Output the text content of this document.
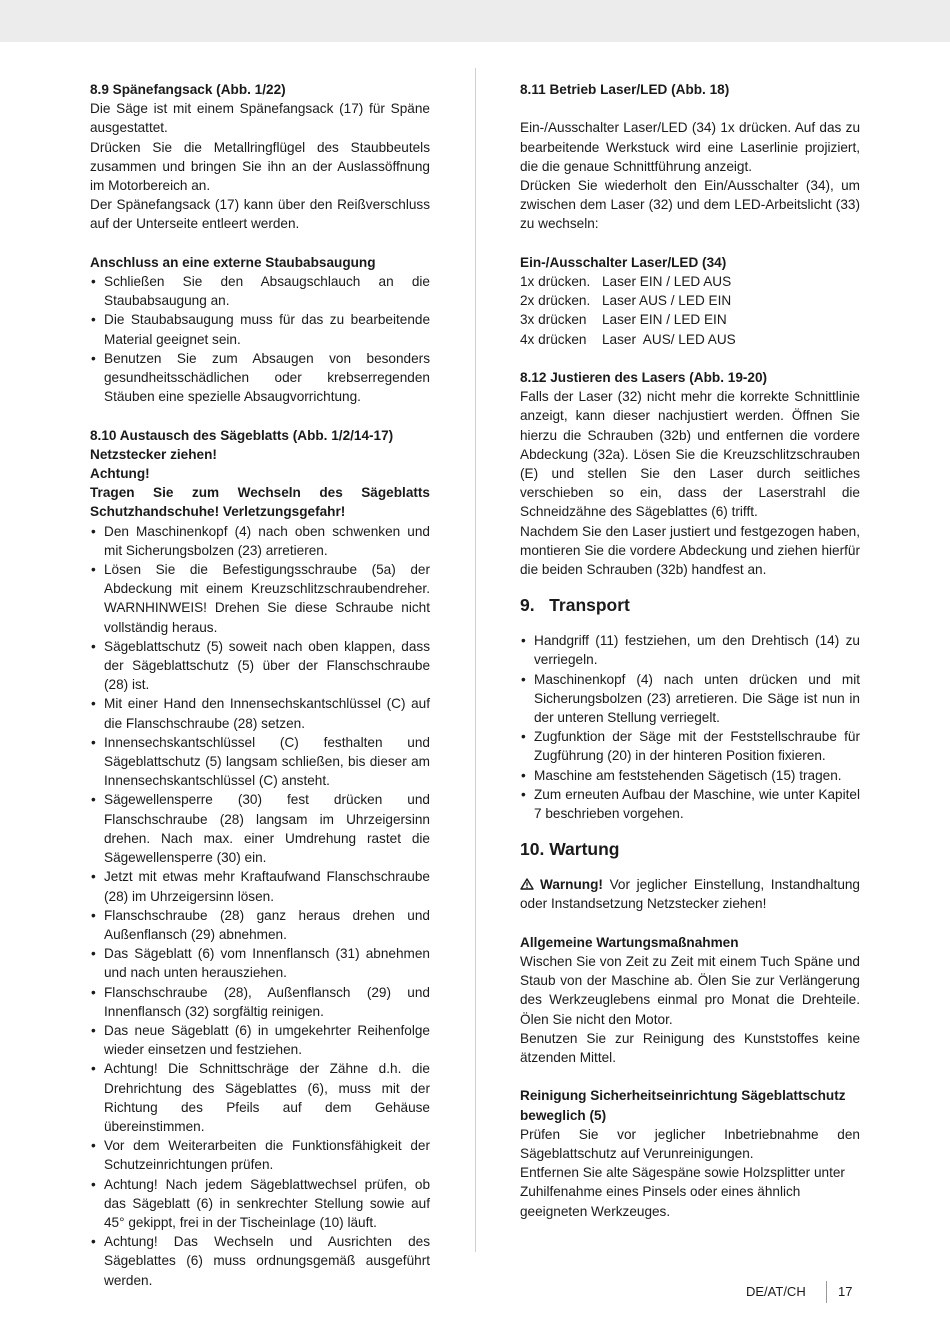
8.9 Spänefangsack (Abb. 1/22)

Die Säge ist mit einem Spänefangsack (17) für Späne ausgestattet.

Drücken Sie die Metallringflügel des Staubbeutels zusammen und bringen Sie ihn an der Auslassöffnung im Motorbereich an.

Der Spänefangsack (17) kann über den Reißverschluss auf der Unterseite entleert werden.

Anschluss an eine externe Staubabsaugung

• Schließen Sie den Absaugschlauch an die Staubabsaugung an.
• Die Staubabsaugung muss für das zu bearbeitende Material geeignet sein.
• Benutzen Sie zum Absaugen von besonders gesundheitsschädlichen oder krebserregenden Stäuben eine spezielle Absaugvorrichtung.

8.10 Austausch des Sägeblatts (Abb. 1/2/14-17)

Netzstecker ziehen!

Achtung!

Tragen Sie zum Wechseln des Sägeblatts Schutzhandschuhe! Verletzungsgefahr!

• Den Maschinenkopf (4) nach oben schwenken und mit Sicherungsbolzen (23) arretieren.
• Lösen Sie die Befestigungsschraube (5a) der Abdeckung mit einem Kreuzschlitzschraubendreher. WARNHINWEIS! Drehen Sie diese Schraube nicht vollständig heraus.
• Sägeblattschutz (5) soweit nach oben klappen, dass der Sägeblattschutz (5) über der Flanschschraube (28) ist.
• Mit einer Hand den Innensechskantschlüssel (C) auf die Flanschschraube (28) setzen.
• Innensechskantschlüssel (C) festhalten und Sägeblattschutz (5) langsam schließen, bis dieser am Innensechskantschlüssel (C) ansteht.
• Sägewellensperre (30) fest drücken und Flanschschraube (28) langsam im Uhrzeigersinn drehen. Nach max. einer Umdrehung rastet die Sägewellensperre (30) ein.
• Jetzt mit etwas mehr Kraftaufwand Flanschschraube (28) im Uhrzeigersinn lösen.
• Flanschschraube (28) ganz heraus drehen und Außenflansch (29) abnehmen.
• Das Sägeblatt (6) vom Innenflansch (31) abnehmen und nach unten herausziehen.
• Flanschschraube (28), Außenflansch (29) und Innenflansch (32) sorgfältig reinigen.
• Das neue Sägeblatt (6) in umgekehrter Reihenfolge wieder einsetzen und festziehen.
• Achtung! Die Schnittschräge der Zähne d.h. die Drehrichtung des Sägeblattes (6), muss mit der Richtung des Pfeils auf dem Gehäuse übereinstimmen.
• Vor dem Weiterarbeiten die Funktionsfähigkeit der Schutzeinrichtungen prüfen.
• Achtung! Nach jedem Sägeblattwechsel prüfen, ob das Sägeblatt (6) in senkrechter Stellung sowie auf 45° gekippt, frei in der Tischeinlage (10) läuft.
• Achtung! Das Wechseln und Ausrichten des Sägeblattes (6) muss ordnungsgemäß ausgeführt werden.

8.11 Betrieb Laser/LED (Abb. 18)

Ein-/Ausschalter Laser/LED (34) 1x drücken. Auf das zu bearbeitende Werkstuck wird eine Laserlinie projiziert, die die genaue Schnittführung anzeigt.

Drücken Sie wiederholt den Ein/Ausschalter (34), um zwischen dem Laser (32) und dem LED-Arbeitslicht (33) zu wechseln:

Ein-/Ausschalter Laser/LED (34)

1x drücken. Laser EIN / LED AUS
2x drücken. Laser AUS / LED EIN
3x drücken	Laser EIN / LED EIN
4x drücken	Laser  AUS/ LED AUS

8.12 Justieren des Lasers (Abb. 19-20)

Falls der Laser (32) nicht mehr die korrekte Schnittlinie anzeigt, kann dieser nachjustiert werden. Öffnen Sie hierzu die Schrauben (32b) und entfernen die vordere Abdeckung (32a). Lösen Sie die Kreuzschlitzschrauben (E) und stellen Sie den Laser durch seitliches verschieben so ein, dass der Laserstrahl die Schneidzähne des Sägeblattes (6) trifft.

Nachdem Sie den Laser justiert und festgezogen haben, montieren Sie die vordere Abdeckung und ziehen hierfür die beiden Schrauben (32b) handfest an.

9.   Transport
• Handgriff (11) festziehen, um den Drehtisch (14) zu verriegeln.
• Maschinenkopf (4) nach unten drücken und mit Sicherungsbolzen (23) arretieren. Die Säge ist nun in der unteren Stellung verriegelt.
• Zugfunktion der Säge mit der Feststellschraube für Zugführung (20) in der hinteren Position fixieren.
• Maschine am feststehenden Sägetisch (15) tragen.
• Zum erneuten Aufbau der Maschine, wie unter Kapitel 7 beschrieben vorgehen.
10. Wartung

Warnung! Vor jeglicher Einstellung, Instandhaltung oder Instandsetzung Netzstecker ziehen!

Allgemeine Wartungsmaßnahmen

Wischen Sie von Zeit zu Zeit mit einem Tuch Späne und Staub von der Maschine ab. Ölen Sie zur Verlängerung des Werkzeuglebens einmal pro Monat die Drehteile. Ölen Sie nicht den Motor.

Benutzen Sie zur Reinigung des Kunststoffes keine ätzenden Mittel.

Reinigung Sicherheitseinrichtung Sägeblattschutz beweglich (5)

Prüfen Sie vor jeglicher Inbetriebnahme den Sägeblattschutz auf Verunreinigungen.

Entfernen Sie alte Sägespäne sowie Holzsplitter unter Zuhilfenahme eines Pinsels oder eines ähnlich geeigneten Werkzeuges.

DE/AT/CH 17
